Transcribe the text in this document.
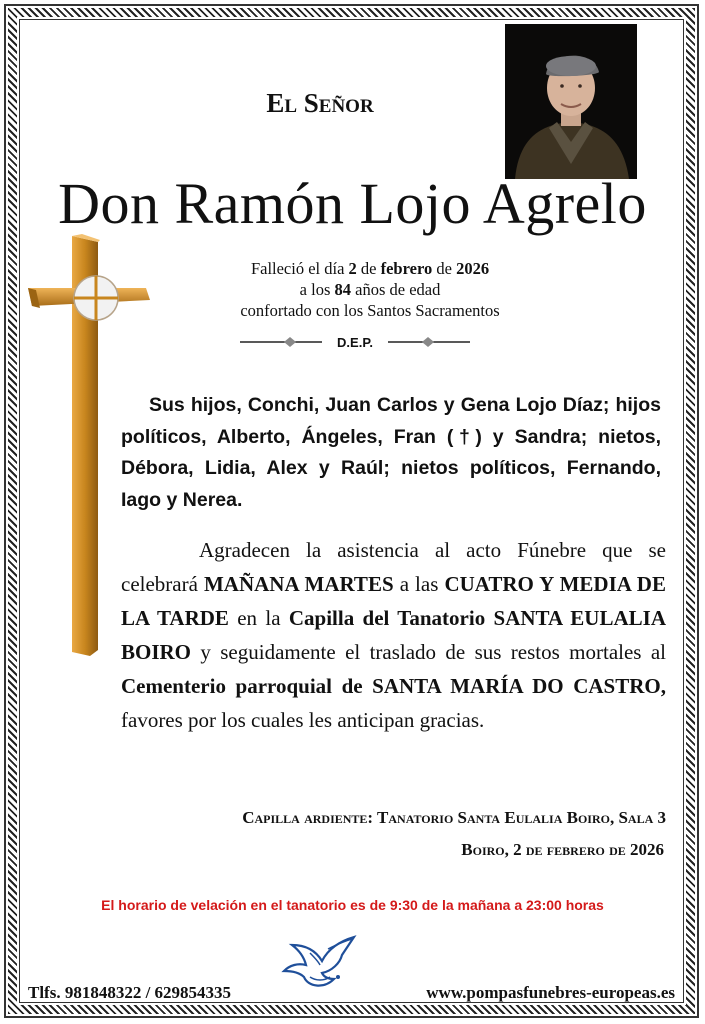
El Señor
Don Ramón Lojo Agrelo
Falleció el día 2 de febrero de 2026
a los 84 años de edad
confortado con los Santos Sacramentos
D.E.P.
Sus hijos, Conchi, Juan Carlos y Gena Lojo Díaz; hijos políticos, Alberto, Ángeles, Fran (†) y Sandra; nietos, Débora, Lidia, Alex y Raúl; nietos políticos, Fernando, Iago y Nerea.
Agradecen la asistencia al acto Fúnebre que se celebrará MAÑANA MARTES a las CUATRO Y MEDIA DE LA TARDE en la Capilla del Tanatorio SANTA EULALIA BOIRO y seguidamente el traslado de sus restos mortales al Cementerio parroquial de SANTA MARÍA DO CASTRO, favores por los cuales les anticipan gracias.
Capilla ardiente: Tanatorio Santa Eulalia Boiro, Sala 3
Boiro, 2 de febrero de 2026
El horario de velación en el tanatorio es de 9:30 de la mañana a 23:00 horas
Tlfs. 981848322 / 629854335	www.pompasfunebres-europeas.es
